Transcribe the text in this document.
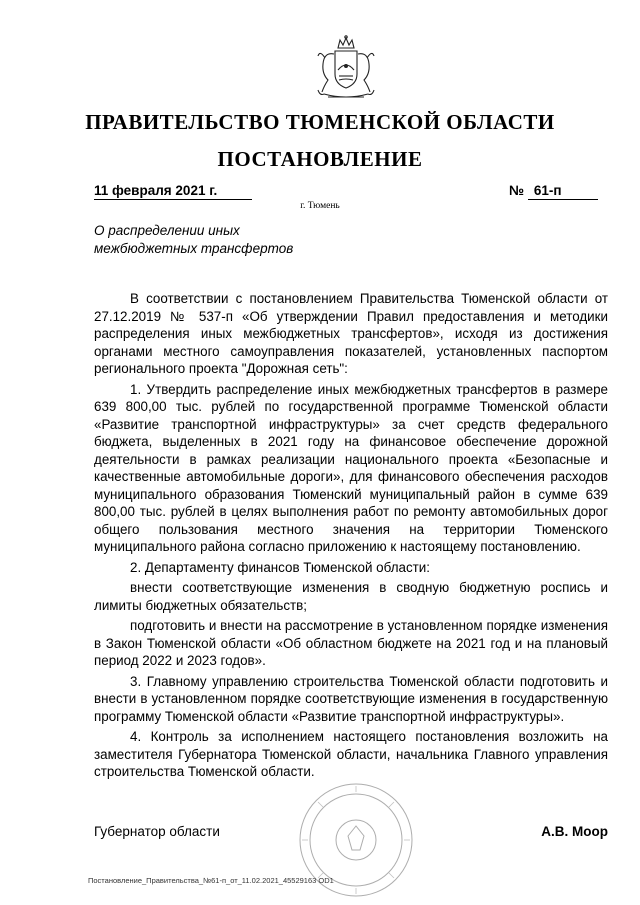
ПРАВИТЕЛЬСТВО ТЮМЕНСКОЙ ОБЛАСТИ
ПОСТАНОВЛЕНИЕ
11 февраля 2021 г.
г. Тюмень
№ 61-п
О распределении иных
межбюджетных трансфертов

В соответствии с постановлением Правительства Тюменской области от 27.12.2019 № 537-п «Об утверждении Правил предоставления и методики распределения иных межбюджетных трансфертов», исходя из достижения органами местного самоуправления показателей, установленных паспортом регионального проекта "Дорожная сеть":

1. Утвердить распределение иных межбюджетных трансфертов в размере 639 800,00 тыс. рублей по государственной программе Тюменской области «Развитие транспортной инфраструктуры» за счет средств федерального бюджета, выделенных в 2021 году на финансовое обеспечение дорожной деятельности в рамках реализации национального проекта «Безопасные и качественные автомобильные дороги», для финансового обеспечения расходов муниципального образования Тюменский муниципальный район в сумме 639 800,00 тыс. рублей в целях выполнения работ по ремонту автомобильных дорог общего пользования местного значения на территории Тюменского муниципального района согласно приложению к настоящему постановлению.

2. Департаменту финансов Тюменской области:

внести соответствующие изменения в сводную бюджетную роспись и лимиты бюджетных обязательств;

подготовить и внести на рассмотрение в установленном порядке изменения в Закон Тюменской области «Об областном бюджете на 2021 год и на плановый период 2022 и 2023 годов».

3. Главному управлению строительства Тюменской области подготовить и внести в установленном порядке соответствующие изменения в государственную программу Тюменской области «Развитие транспортной инфраструктуры».

4. Контроль за исполнением настоящего постановления возложить на заместителя Губернатора Тюменской области, начальника Главного управления строительства Тюменской области.

Губернатор области	А.В. Моор
Постановление_Правительства_№61-п_от_11.02.2021_45529163 OD1
